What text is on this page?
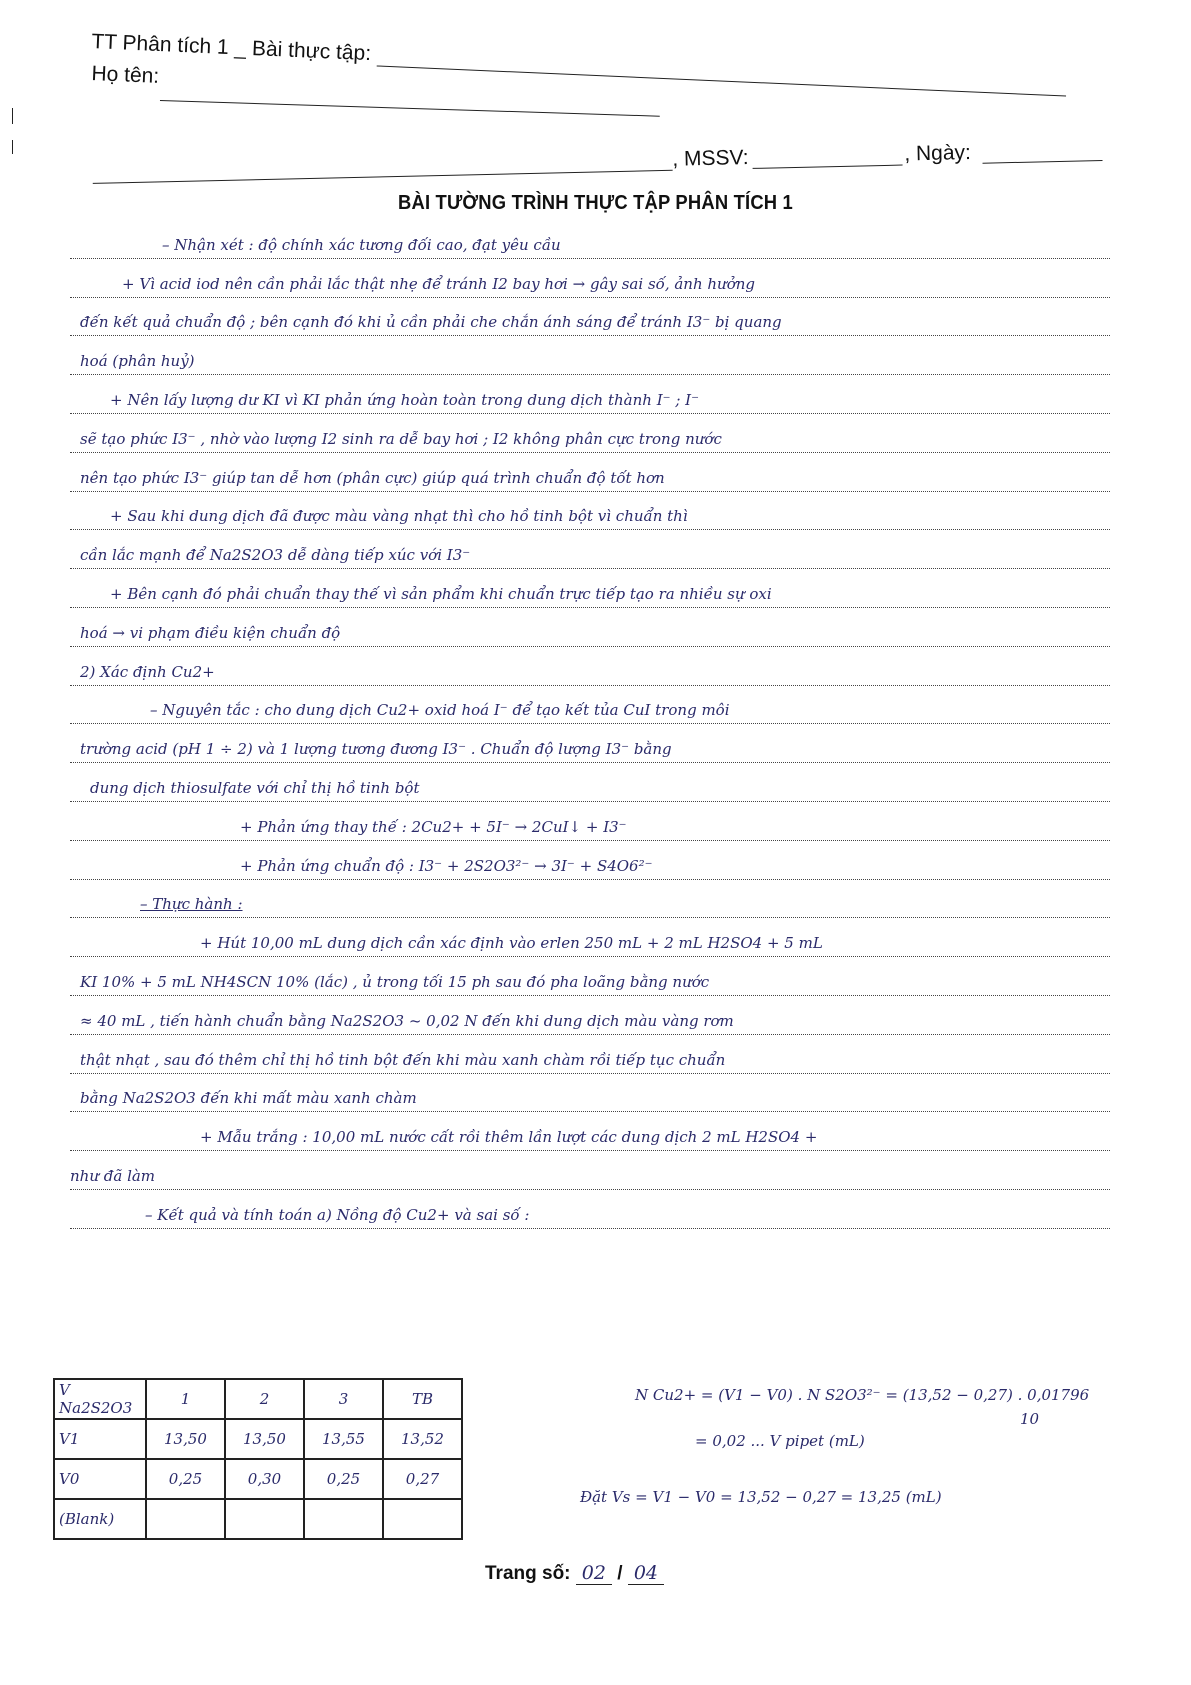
TT Phân tích 1 _ Bài thực tập:
Họ tên:
, MSSV:	, Ngày:
BÀI TƯỜNG TRÌNH THỰC TẬP PHÂN TÍCH 1
– Nhận xét : độ chính xác tương đối cao, đạt yêu cầu
+ Vì acid iod nên cần phải lắc thật nhẹ để tránh I2 bay hơi → gây sai số, ảnh hưởng
đến kết quả chuẩn độ ; bên cạnh đó khi ủ cần phải che chắn ánh sáng để tránh I3⁻ bị quang
hoá (phân huỷ)
+ Nên lấy lượng dư KI vì KI phản ứng hoàn toàn trong dung dịch thành I⁻ ; I⁻
sẽ tạo phức I3⁻ , nhờ vào lượng I2 sinh ra dễ bay hơi ; I2 không phân cực trong nước
nên tạo phức I3⁻ giúp tan dễ hơn (phân cực) giúp quá trình chuẩn độ tốt hơn
+ Sau khi dung dịch đã được màu vàng nhạt thì cho hồ tinh bột vì chuẩn thì
cần lắc mạnh để Na2S2O3 dễ dàng tiếp xúc với I3⁻
+ Bên cạnh đó phải chuẩn thay thế vì sản phẩm khi chuẩn trực tiếp tạo ra nhiều sự oxi
hoá → vi phạm điều kiện chuẩn độ
2) Xác định Cu2+
– Nguyên tắc : cho dung dịch Cu2+ oxid hoá I⁻ để tạo kết tủa CuI trong môi
trường acid (pH 1 ÷ 2) và 1 lượng tương đương I3⁻ . Chuẩn độ lượng I3⁻ bằng
dung dịch thiosulfate với chỉ thị hồ tinh bột
+ Phản ứng thay thế : 2Cu2+ + 5I⁻ → 2CuI↓ + I3⁻
+ Phản ứng chuẩn độ : I3⁻ + 2S2O3²⁻ → 3I⁻ + S4O6²⁻
– Thực hành :
+ Hút 10,00 mL dung dịch cần xác định vào erlen 250 mL + 2 mL H2SO4 + 5 mL
KI 10% + 5 mL NH4SCN 10% (lắc) , ủ trong tối 15 ph sau đó pha loãng bằng nước
≈ 40 mL , tiến hành chuẩn bằng Na2S2O3 ~ 0,02 N đến khi dung dịch màu vàng rơm
thật nhạt , sau đó thêm chỉ thị hồ tinh bột đến khi màu xanh chàm rồi tiếp tục chuẩn
bằng Na2S2O3 đến khi mất màu xanh chàm
+ Mẫu trắng : 10,00 mL nước cất rồi thêm lần lượt các dung dịch 2 mL H2SO4 +
như đã làm
– Kết quả và tính toán a) Nồng độ Cu2+ và sai số :
V Na2S2O3	1	2	3	TB
V1	13,50	13,50	13,55	13,52
V0	0,25	0,30	0,25	0,27
(Blank)				
N Cu2+ = (V1 − V0) . N S2O3²⁻ = (13,52 − 0,27) . 0,01796
10
= 0,02 ... V pipet (mL)
Đặt Vs = V1 − V0 = 13,52 − 0,27 = 13,25 (mL)
Trang số: 02 / 04
